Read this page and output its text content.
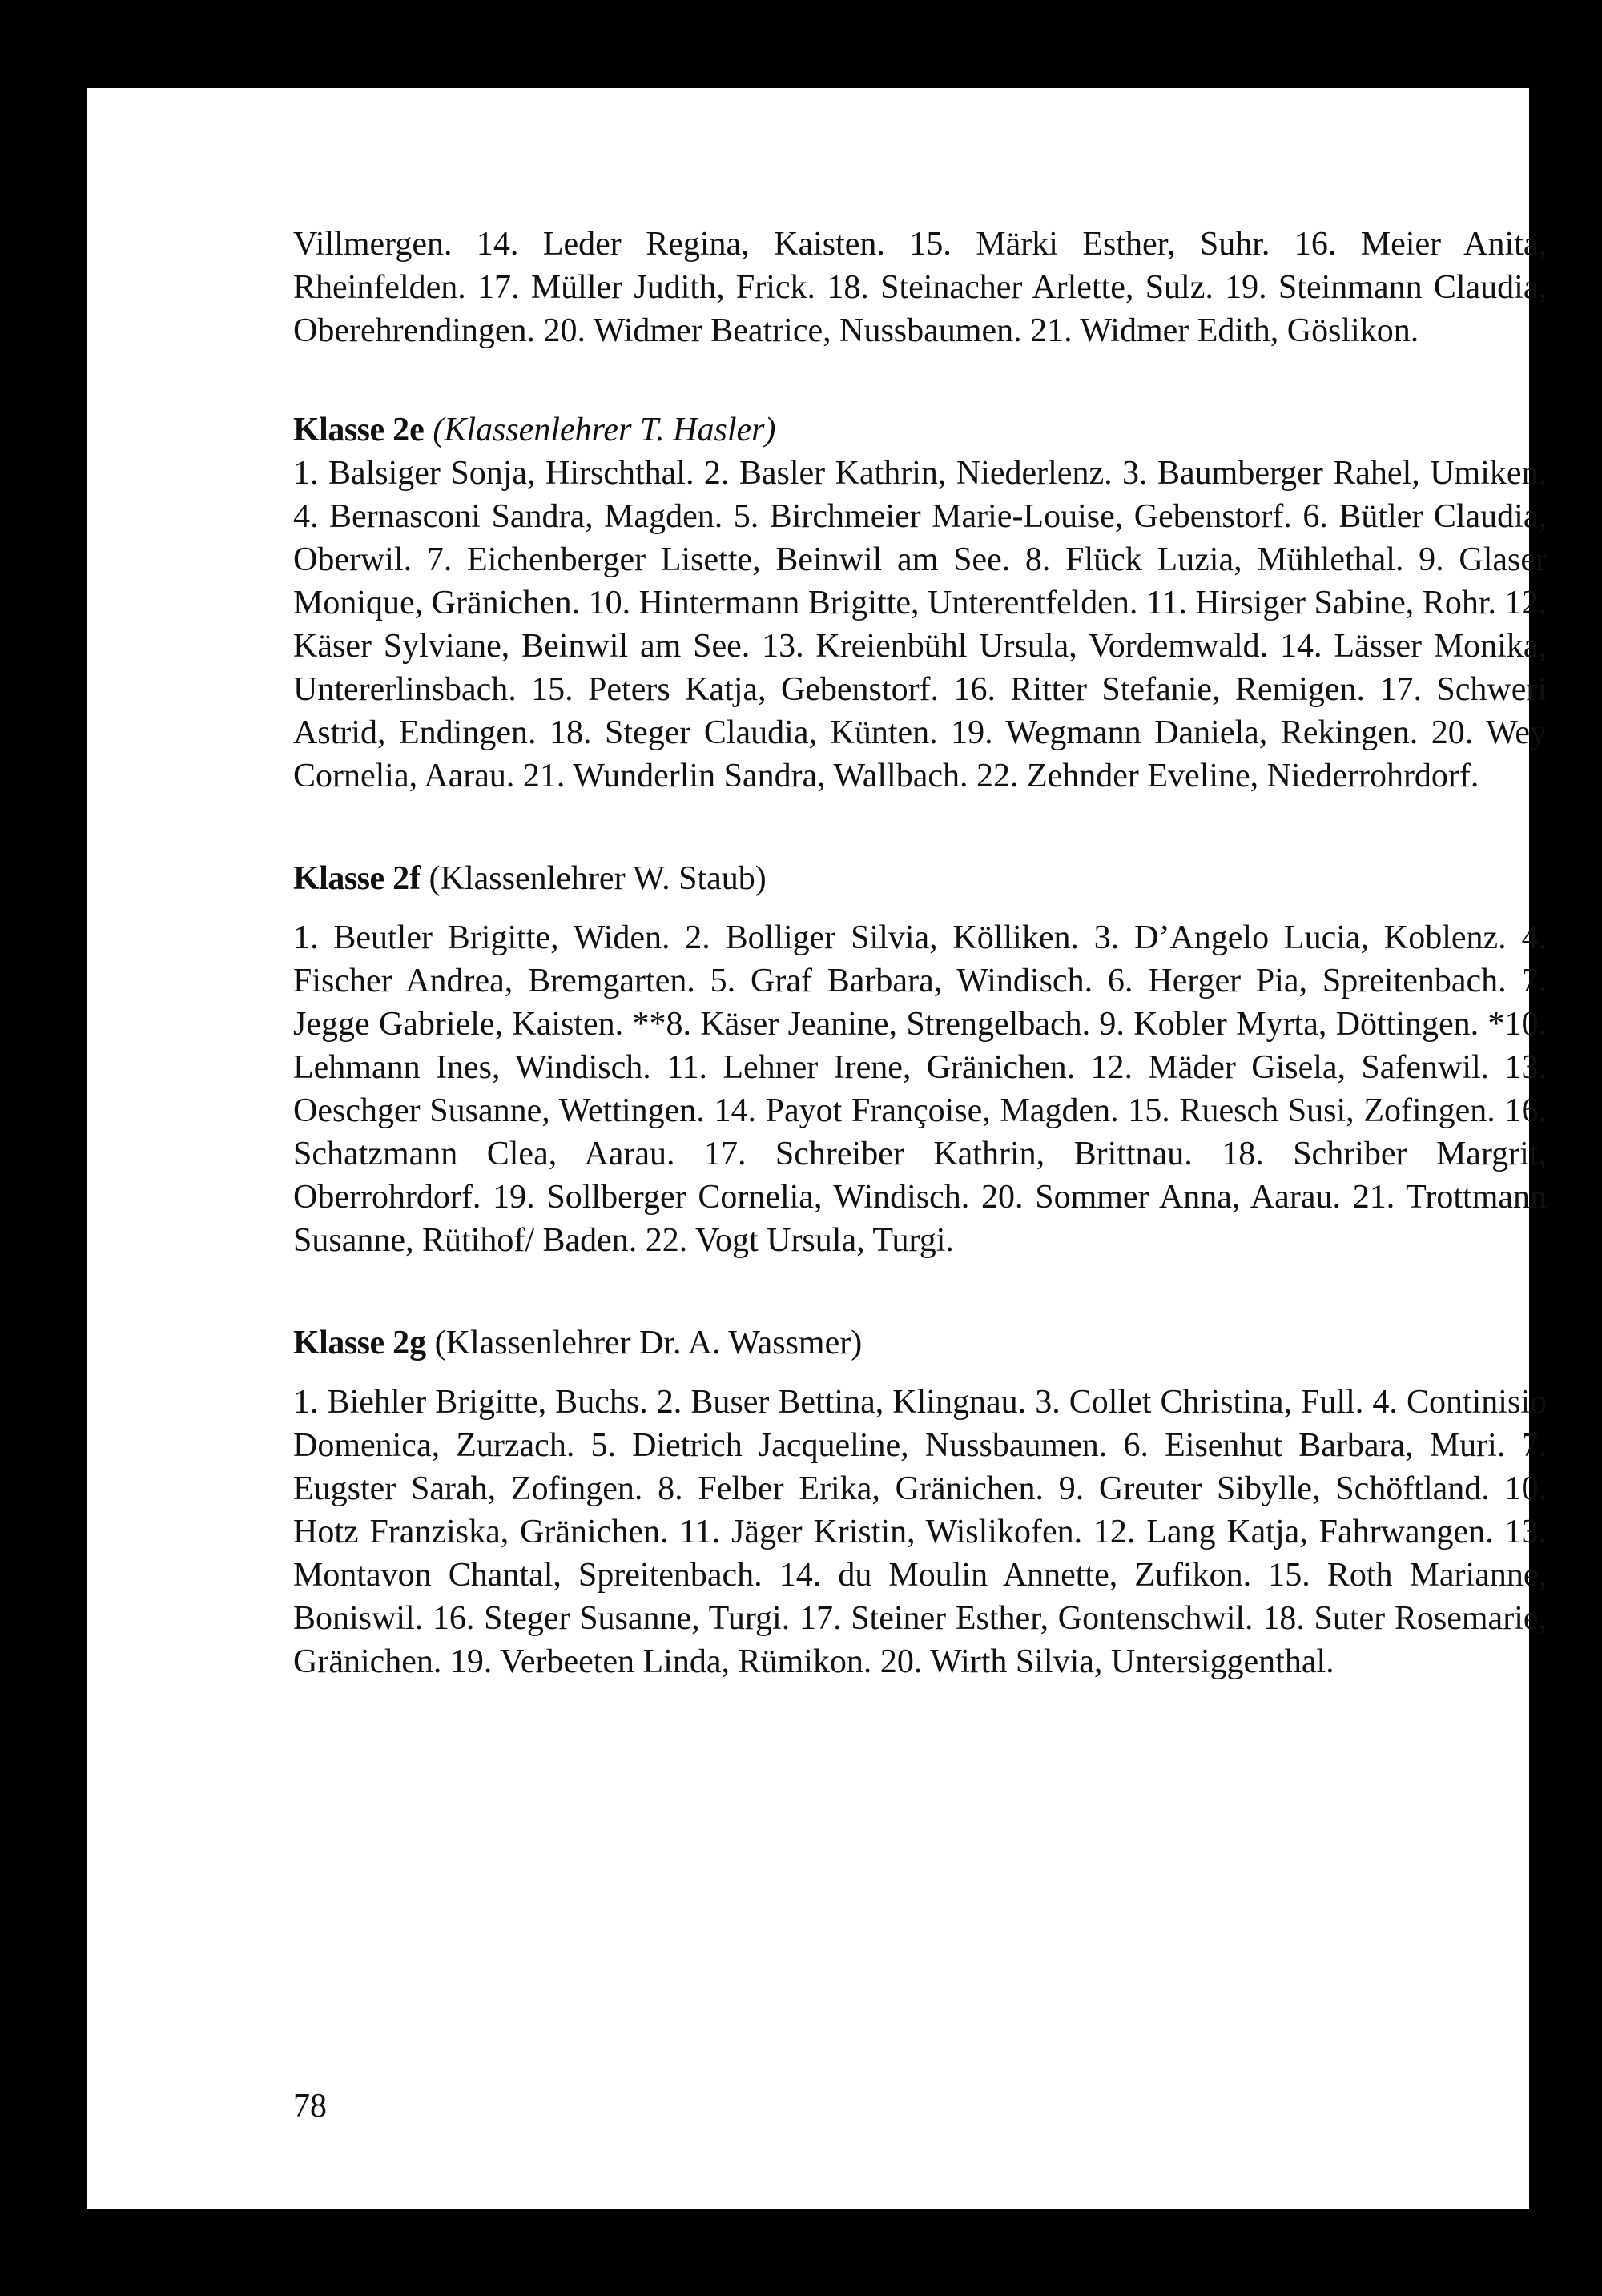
Villmergen. 14. Leder Regina, Kaisten. 15. Märki Esther, Suhr. 16. Meier Anita, Rheinfelden. 17. Müller Judith, Frick. 18. Steinacher Arlette, Sulz. 19. Steinmann Claudia, Oberehrendingen. 20. Widmer Beatrice, Nussbaumen. 21. Widmer Edith, Göslikon.

Klasse 2e (Klassenlehrer T. Hasler)

1. Balsiger Sonja, Hirschthal. 2. Basler Kathrin, Niederlenz. 3. Baumberger Rahel, Umiken. 4. Bernasconi Sandra, Magden. 5. Birchmeier Marie-Louise, Gebenstorf. 6. Bütler Claudia, Oberwil. 7. Eichenberger Lisette, Beinwil am See. 8. Flück Luzia, Mühlethal. 9. Glaser Monique, Gränichen. 10. Hintermann Brigitte, Unterentfelden. 11. Hirsiger Sabine, Rohr. 12. Käser Sylviane, Beinwil am See. 13. Kreienbühl Ursula, Vordemwald. 14. Lässer Monika, Untererlinsbach. 15. Peters Katja, Gebenstorf. 16. Ritter Stefanie, Remigen. 17. Schweri Astrid, Endingen. 18. Steger Claudia, Künten. 19. Wegmann Daniela, Rekingen. 20. Wey Cornelia, Aarau. 21. Wunderlin Sandra, Wallbach. 22. Zehnder Eveline, Niederrohrdorf.

Klasse 2f (Klassenlehrer W. Staub)

1. Beutler Brigitte, Widen. 2. Bolliger Silvia, Kölliken. 3. D’Angelo Lucia, Koblenz. 4. Fischer Andrea, Bremgarten. 5. Graf Barbara, Windisch. 6. Herger Pia, Spreitenbach. 7. Jegge Gabriele, Kaisten. **8. Käser Jeanine, Strengelbach. 9. Kobler Myrta, Döttingen. *10. Lehmann Ines, Windisch. 11. Lehner Irene, Gränichen. 12. Mäder Gisela, Safenwil. 13. Oeschger Susanne, Wettingen. 14. Payot Françoise, Magden. 15. Ruesch Susi, Zofingen. 16. Schatzmann Clea, Aarau. 17. Schreiber Kathrin, Brittnau. 18. Schriber Margrit, Oberrohrdorf. 19. Sollberger Cornelia, Windisch. 20. Sommer Anna, Aarau. 21. Trottmann Susanne, Rütihof/ Baden. 22. Vogt Ursula, Turgi.

Klasse 2g (Klassenlehrer Dr. A. Wassmer)

1. Biehler Brigitte, Buchs. 2. Buser Bettina, Klingnau. 3. Collet Christina, Full. 4. Continisio Domenica, Zurzach. 5. Dietrich Jacqueline, Nussbaumen. 6. Eisenhut Barbara, Muri. 7. Eugster Sarah, Zofingen. 8. Felber Erika, Gränichen. 9. Greuter Sibylle, Schöftland. 10. Hotz Franziska, Gränichen. 11. Jäger Kristin, Wislikofen. 12. Lang Katja, Fahrwangen. 13. Montavon Chantal, Spreitenbach. 14. du Moulin Annette, Zufikon. 15. Roth Marianne, Boniswil. 16. Steger Susanne, Turgi. 17. Steiner Esther, Gontenschwil. 18. Suter Rosemarie, Gränichen. 19. Verbeeten Linda, Rümikon. 20. Wirth Silvia, Untersiggenthal.

78
